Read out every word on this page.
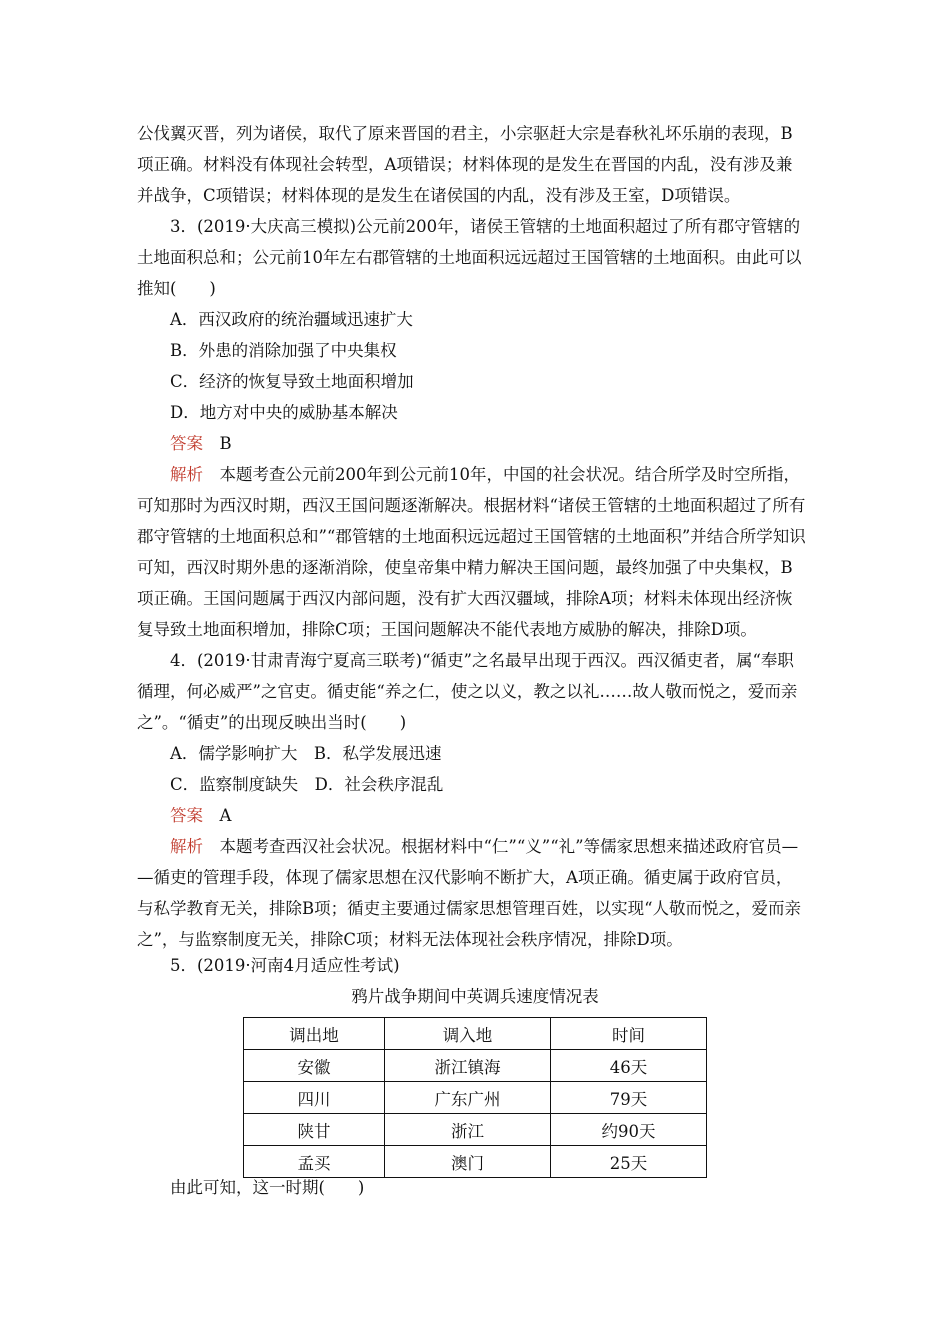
公伐翼灭晋，列为诸侯，取代了原来晋国的君主，小宗驱赶大宗是春秋礼坏乐崩的表现，B
项正确。材料没有体现社会转型，A项错误；材料体现的是发生在晋国的内乱，没有涉及兼
并战争，C项错误；材料体现的是发生在诸侯国的内乱，没有涉及王室，D项错误。
3．(2019·大庆高三模拟)公元前200年，诸侯王管辖的土地面积超过了所有郡守管辖的
土地面积总和；公元前10年左右郡管辖的土地面积远远超过王国管辖的土地面积。由此可以
推知(　　)
A．西汉政府的统治疆域迅速扩大
B．外患的消除加强了中央集权
C．经济的恢复导致土地面积增加
D．地方对中央的威胁基本解决
答案　 B
解析　 本题考查公元前200年到公元前10年，中国的社会状况。结合所学及时空所指，
可知那时为西汉时期，西汉王国问题逐渐解决。根据材料“诸侯王管辖的土地面积超过了所有
郡守管辖的土地面积总和”“郡管辖的土地面积远远超过王国管辖的土地面积”并结合所学知识
可知，西汉时期外患的逐渐消除，使皇帝集中精力解决王国问题，最终加强了中央集权，B
项正确。王国问题属于西汉内部问题，没有扩大西汉疆域，排除A项；材料未体现出经济恢
复导致土地面积增加，排除C项；王国问题解决不能代表地方威胁的解决，排除D项。
4．(2019·甘肃青海宁夏高三联考)“循吏”之名最早出现于西汉。西汉循吏者，属“奉职
循理，何必威严”之官吏。循吏能“养之仁，使之以义，教之以礼……故人敬而悦之，爱而亲
之”。“循吏”的出现反映出当时(　　)
A．儒学影响扩大　B．私学发展迅速
C．监察制度缺失　D．社会秩序混乱
答案　 A
解析　 本题考查西汉社会状况。根据材料中“仁”“义”“礼”等儒家思想来描述政府官员—
—循吏的管理手段，体现了儒家思想在汉代影响不断扩大，A项正确。循吏属于政府官员，
与私学教育无关，排除B项；循吏主要通过儒家思想管理百姓，以实现“人敬而悦之，爱而亲
之”，与监察制度无关，排除C项；材料无法体现社会秩序情况，排除D项。
5．(2019·河南4月适应性考试)
鸦片战争期间中英调兵速度情况表
调出地	调入地	时间
安徽	浙江镇海	46天
四川	广东广州	79天
陕甘	浙江	约90天
孟买	澳门	25天
由此可知，这一时期(　　)
